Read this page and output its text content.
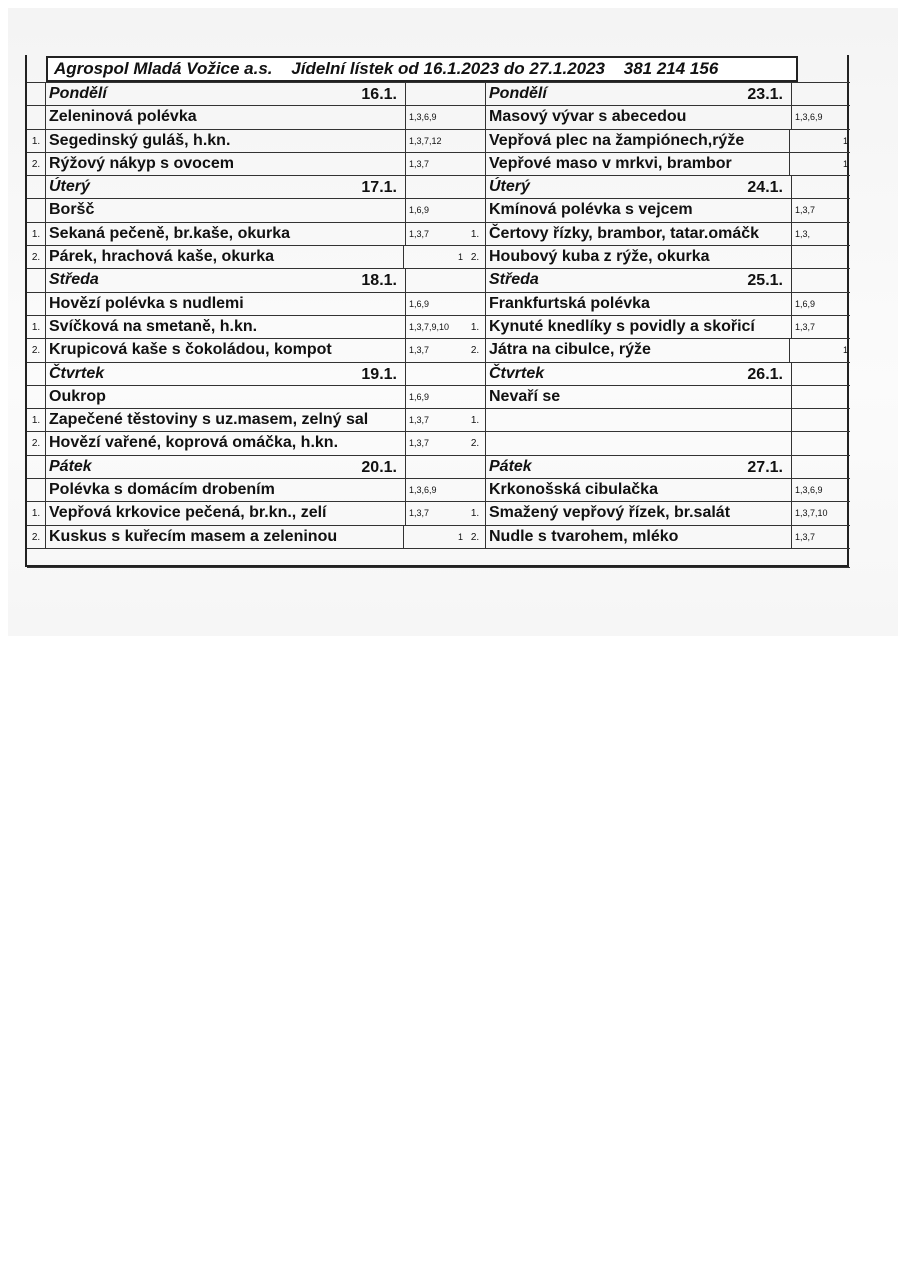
Agrospol Mladá Vožice a.s. Jídelní lístek od 16.1.2023 do 27.1.2023 381 214 156
Pondělí	16.1.
Zeleninová polévka	1,3,6,9
1. Segedinský guláš, h.kn.	1,3,7,12
2. Rýžový nákyp s ovocem	1,3,7
Úterý	17.1.
Boršč	1,6,9
1. Sekaná pečeně, br.kaše, okurka	1,3,7
2. Párek, hrachová kaše, okurka	1
Středa	18.1.
Hovězí polévka s nudlemi	1,6,9
1. Svíčková na smetaně, h.kn.	1,3,7,9,10
2. Krupicová kaše s čokoládou, kompot	1,3,7
Čtvrtek	19.1.
Oukrop	1,6,9
1. Zapečené těstoviny s uz.masem, zelný sal	1,3,7
2. Hovězí vařené, koprová omáčka, h.kn.	1,3,7
Pátek	20.1.
Polévka s domácím drobením	1,3,6,9
1. Vepřová krkovice pečená, br.kn., zelí	1,3,7
2. Kuskus s kuřecím masem a zeleninou	1
Pondělí	23.1.
Masový vývar s abecedou	1,3,6,9
Vepřová plec na žampiónech,rýže	1
Vepřové maso v mrkvi, brambor	1
Úterý	24.1.
Kmínová polévka s vejcem	1,3,7
1. Čertovy řízky, brambor, tatar.omáčk	1,3,
2. Houbový kuba z rýže, okurka
Středa	25.1.
Frankfurtská polévka	1,6,9
1. Kynuté knedlíky s povidly a skořicí	1,3,7
2. Játra na cibulce, rýže	1
Čtvrtek	26.1.
Nevaří se
1.
2.
Pátek	27.1.
Krkonošská cibulačka	1,3,6,9
1. Smažený vepřový řízek, br.salát	1,3,7,10
2. Nudle s tvarohem, mléko	1,3,7
